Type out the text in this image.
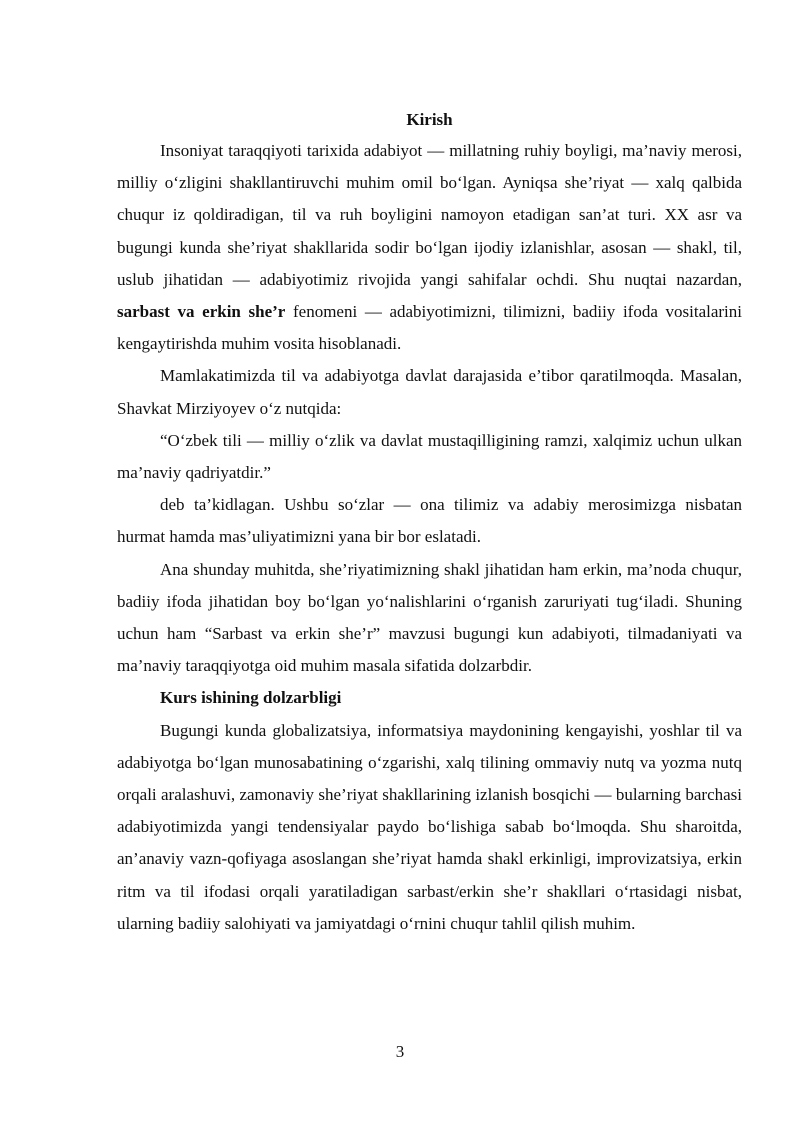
Kirish

Insoniyat taraqqiyoti tarixida adabiyot — millatning ruhiy boyligi, ma’naviy merosi, milliy o‘zligini shakllantiruvchi muhim omil bo‘lgan. Ayniqsa she’riyat — xalq qalbida chuqur iz qoldiradigan, til va ruh boyligini namoyon etadigan san’at turi. XX asr va bugungi kunda she’riyat shakllarida sodir bo‘lgan ijodiy izlanishlar, asosan — shakl, til, uslub jihatidan — adabiyotimiz rivojida yangi sahifalar ochdi. Shu nuqtai nazardan, sarbast va erkin she’r fenomeni — adabiyotimizni, tilimizni, badiiy ifoda vositalarini kengaytirishda muhim vosita hisoblanadi.

Mamlakatimizda til va adabiyotga davlat darajasida e’tibor qaratilmoqda. Masalan, Shavkat Mirziyoyev o‘z nutqida:

“O‘zbek tili — milliy o‘zlik va davlat mustaqilligining ramzi, xalqimiz uchun ulkan ma’naviy qadriyatdir.”

deb ta’kidlagan. Ushbu so‘zlar — ona tilimiz va adabiy merosimizga nisbatan hurmat hamda mas’uliyatimizni yana bir bor eslatadi.

Ana shunday muhitda, she’riyatimizning shakl jihatidan ham erkin, ma’noda chuqur, badiiy ifoda jihatidan boy bo‘lgan yo‘nalishlarini o‘rganish zaruriyati tug‘iladi. Shuning uchun ham “Sarbast va erkin she’r” mavzusi bugungi kun adabiyoti, tilmadaniyati va ma’naviy taraqqiyotga oid muhim masala sifatida dolzarbdir.

Kurs ishining dolzarbligi

Bugungi kunda globalizatsiya, informatsiya maydonining kengayishi, yoshlar til va adabiyotga bo‘lgan munosabatining o‘zgarishi, xalq tilining ommaviy nutq va yozma nutq orqali aralashuvi, zamonaviy she’riyat shakllarining izlanish bosqichi — bularning barchasi adabiyotimizda yangi tendensiyalar paydo bo‘lishiga sabab bo‘lmoqda. Shu sharoitda, an’anaviy vazn-qofiyaga asoslangan she’riyat hamda shakl erkinligi, improvizatsiya, erkin ritm va til ifodasi orqali yaratiladigan sarbast/erkin she’r shakllari o‘rtasidagi nisbat, ularning badiiy salohiyati va jamiyatdagi o‘rnini chuqur tahlil qilish muhim.

3
